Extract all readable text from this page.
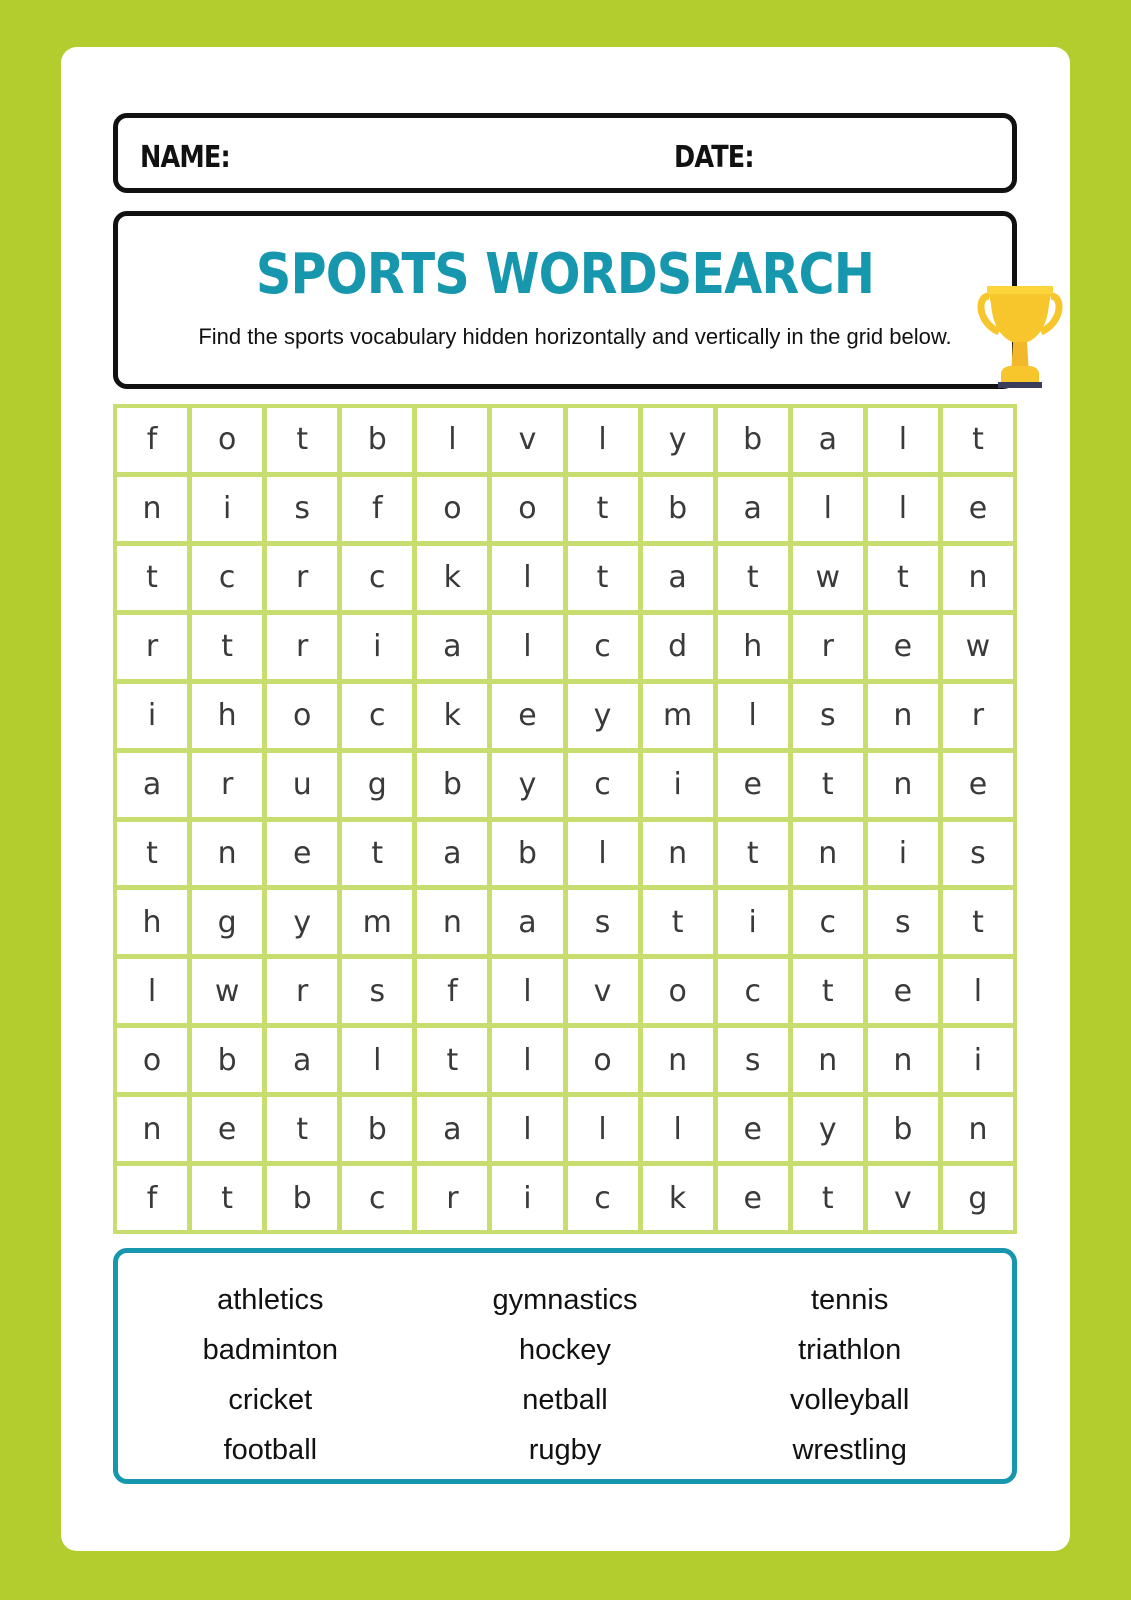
NAME:	DATE:
SPORTS WORDSEARCH
Find the sports vocabulary hidden horizontally and vertically in the grid below.
f	o	t	b	l	v	l	y	b	a	l	t
n	i	s	f	o	o	t	b	a	l	l	e
t	c	r	c	k	l	t	a	t	w	t	n
r	t	r	i	a	l	c	d	h	r	e	w
i	h	o	c	k	e	y	m	l	s	n	r
a	r	u	g	b	y	c	i	e	t	n	e
t	n	e	t	a	b	l	n	t	n	i	s
h	g	y	m	n	a	s	t	i	c	s	t
l	w	r	s	f	l	v	o	c	t	e	l
o	b	a	l	t	l	o	n	s	n	n	i
n	e	t	b	a	l	l	l	e	y	b	n
f	t	b	c	r	i	c	k	e	t	v	g
athletics
badminton
cricket
football
gymnastics
hockey
netball
rugby
tennis
triathlon
volleyball
wrestling
